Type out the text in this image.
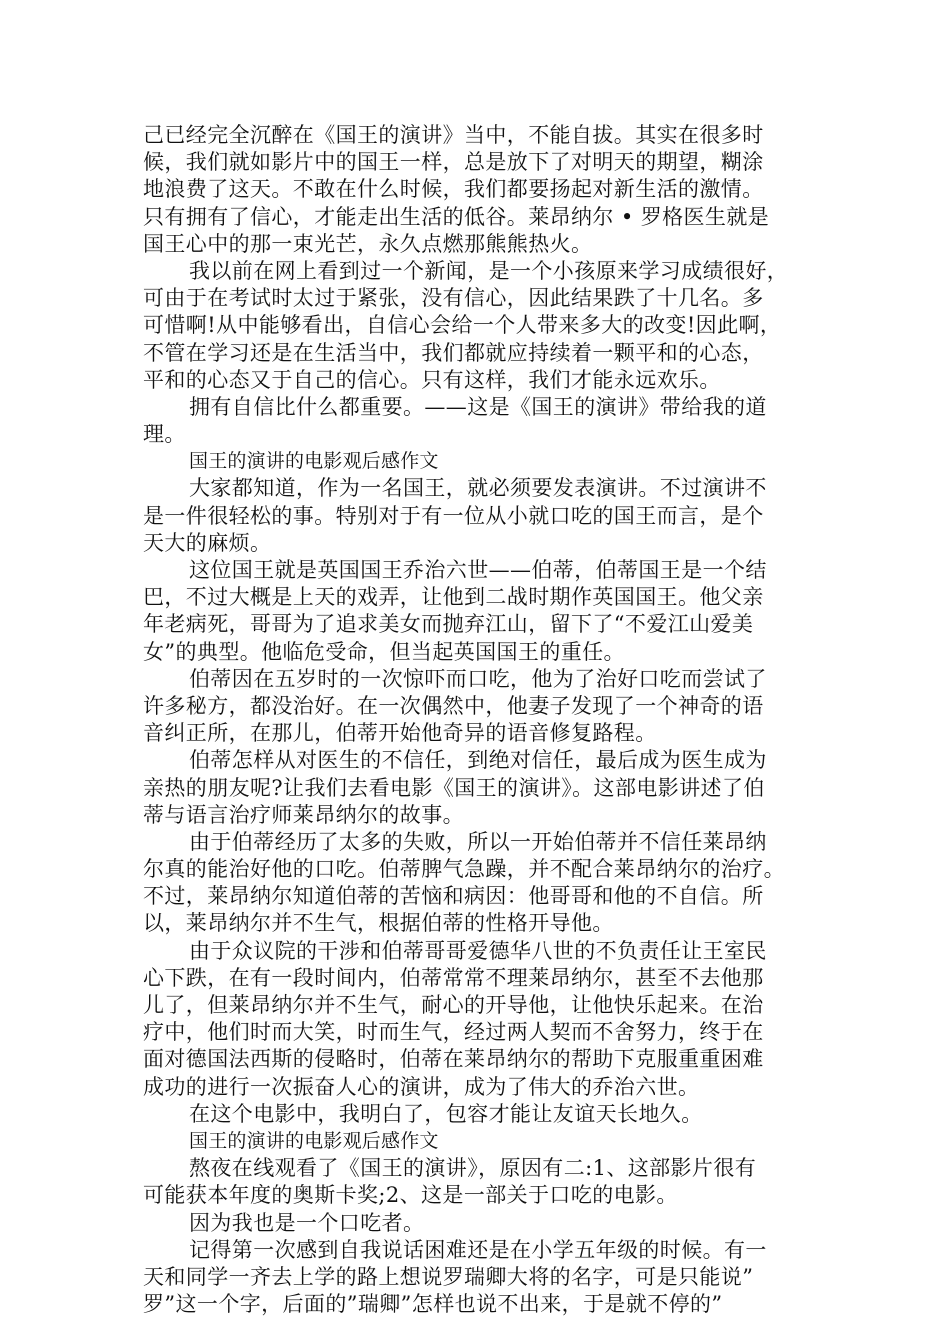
己已经完全沉醉在《国王的演讲》当中，不能自拔。其实在很多时
候，我们就如影片中的国王一样，总是放下了对明天的期望，糊涂
地浪费了这天。不敢在什么时候，我们都要扬起对新生活的激情。
只有拥有了信心，才能走出生活的低谷。莱昂纳尔 • 罗格医生就是
国王心中的那一束光芒，永久点燃那熊熊热火。
我以前在网上看到过一个新闻，是一个小孩原来学习成绩很好，
可由于在考试时太过于紧张，没有信心，因此结果跌了十几名。多
可惜啊!从中能够看出，自信心会给一个人带来多大的改变!因此啊，
不管在学习还是在生活当中，我们都就应持续着一颗平和的心态，
平和的心态又于自己的信心。只有这样，我们才能永远欢乐。
拥有自信比什么都重要。——这是《国王的演讲》带给我的道
理。
国王的演讲的电影观后感作文
大家都知道，作为一名国王，就必须要发表演讲。不过演讲不
是一件很轻松的事。特别对于有一位从小就口吃的国王而言，是个
天大的麻烦。
这位国王就是英国国王乔治六世——伯蒂，伯蒂国王是一个结
巴，不过大概是上天的戏弄，让他到二战时期作英国国王。他父亲
年老病死，哥哥为了追求美女而抛弃江山，留下了“不爱江山爱美
女”的典型。他临危受命，但当起英国国王的重任。
伯蒂因在五岁时的一次惊吓而口吃，他为了治好口吃而尝试了
许多秘方，都没治好。在一次偶然中，他妻子发现了一个神奇的语
音纠正所，在那儿，伯蒂开始他奇异的语音修复路程。
伯蒂怎样从对医生的不信任，到绝对信任，最后成为医生成为
亲热的朋友呢?让我们去看电影《国王的演讲》。这部电影讲述了伯
蒂与语言治疗师莱昂纳尔的故事。
由于伯蒂经历了太多的失败，所以一开始伯蒂并不信任莱昂纳
尔真的能治好他的口吃。伯蒂脾气急躁，并不配合莱昂纳尔的治疗。
不过，莱昂纳尔知道伯蒂的苦恼和病因：他哥哥和他的不自信。所
以，莱昂纳尔并不生气，根据伯蒂的性格开导他。
由于众议院的干涉和伯蒂哥哥爱德华八世的不负责任让王室民
心下跌，在有一段时间内，伯蒂常常不理莱昂纳尔，甚至不去他那
儿了，但莱昂纳尔并不生气，耐心的开导他，让他快乐起来。在治
疗中，他们时而大笑，时而生气，经过两人契而不舍努力，终于在
面对德国法西斯的侵略时，伯蒂在莱昂纳尔的帮助下克服重重困难
成功的进行一次振奋人心的演讲，成为了伟大的乔治六世。
在这个电影中，我明白了，包容才能让友谊天长地久。
国王的演讲的电影观后感作文
熬夜在线观看了《国王的演讲》，原因有二:1、这部影片很有
可能获本年度的奥斯卡奖;2、这是一部关于口吃的电影。
因为我也是一个口吃者。
记得第一次感到自我说话困难还是在小学五年级的时候。有一
天和同学一齐去上学的路上想说罗瑞卿大将的名字，可是只能说”
罗”这一个字，后面的”瑞卿”怎样也说不出来，于是就不停的”
